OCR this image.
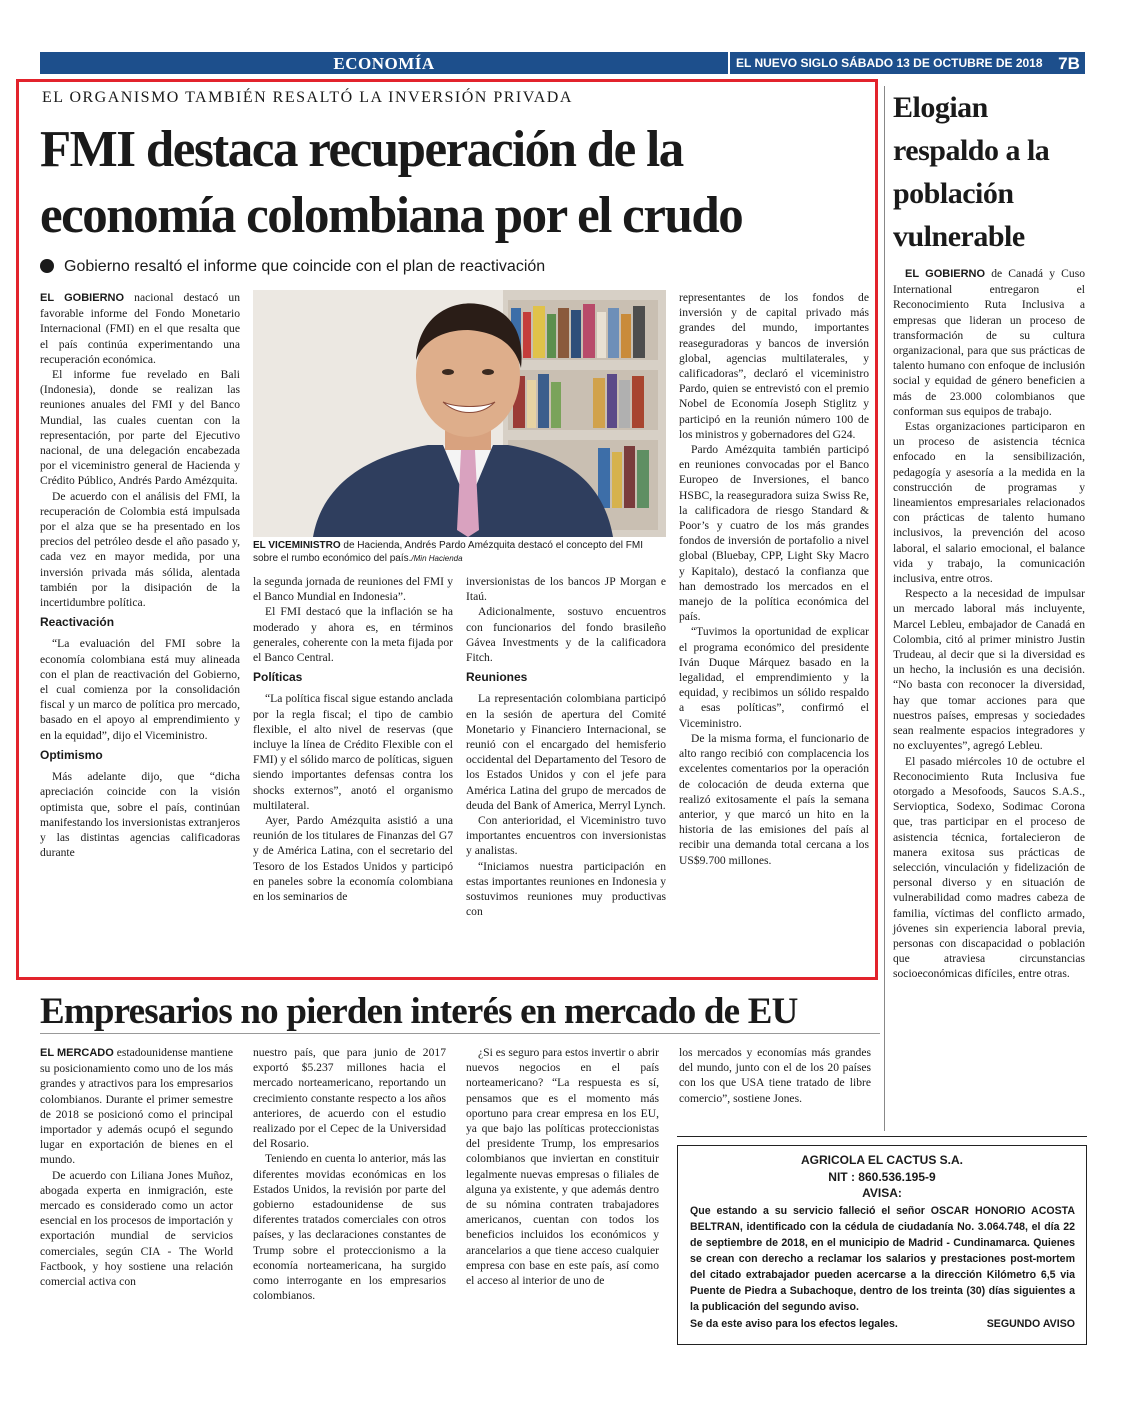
ECONOMÍA	EL NUEVO SIGLO SÁBADO 13 DE OCTUBRE DE 2018 7B
EL ORGANISMO TAMBIÉN RESALTÓ LA INVERSIÓN PRIVADA
FMI destaca recuperación de la economía colombiana por el crudo
Gobierno resaltó el informe que coincide con el plan de reactivación

EL GOBIERNO nacional destacó un favorable informe del Fondo Monetario Internacional (FMI) en el que resalta que el país continúa experimentando una recuperación económica.

El informe fue revelado en Bali (Indonesia), donde se realizan las reuniones anuales del FMI y del Banco Mundial, las cuales cuentan con la representación, por parte del Ejecutivo nacional, de una delegación encabezada por el viceministro general de Hacienda y Crédito Público, Andrés Pardo Amézquita.

De acuerdo con el análisis del FMI, la recuperación de Colombia está impulsada por el alza que se ha presentado en los precios del petróleo desde el año pasado y, cada vez en mayor medida, por una inversión privada más sólida, alentada también por la disipación de la incertidumbre política.

Reactivación

“La evaluación del FMI sobre la economía colombiana está muy alineada con el plan de reactivación del Gobierno, el cual comienza por la consolidación fiscal y un marco de política pro mercado, basado en el apoyo al emprendimiento y en la equidad”, dijo el Viceministro.

Optimismo

Más adelante dijo, que “dicha apreciación coincide con la visión optimista que, sobre el país, continúan manifestando los inversionistas extranjeros y las distintas agencias calificadoras durante

EL VICEMINISTRO de Hacienda, Andrés Pardo Amézquita destacó el concepto del FMI sobre el rumbo económico del país./Min Hacienda

la segunda jornada de reuniones del FMI y el Banco Mundial en Indonesia”.

El FMI destacó que la inflación se ha moderado y ahora es, en términos generales, coherente con la meta fijada por el Banco Central.

Políticas

“La política fiscal sigue estando anclada por la regla fiscal; el tipo de cambio flexible, el alto nivel de reservas (que incluye la línea de Crédito Flexible con el FMI) y el sólido marco de políticas, siguen siendo importantes defensas contra los shocks externos”, anotó el organismo multilateral.

Ayer, Pardo Amézquita asistió a una reunión de los titulares de Finanzas del G7 y de América Latina, con el secretario del Tesoro de los Estados Unidos y participó en paneles sobre la economía colombiana en los seminarios de

inversionistas de los bancos JP Morgan e Itaú.

Adicionalmente, sostuvo encuentros con funcionarios del fondo brasileño Gávea Investments y de la calificadora Fitch.

Reuniones

La representación colombiana participó en la sesión de apertura del Comité Monetario y Financiero Internacional, se reunió con el encargado del hemisferio occidental del Departamento del Tesoro de los Estados Unidos y con el jefe para América Latina del grupo de mercados de deuda del Bank of America, Merryl Lynch.

Con anterioridad, el Viceministro tuvo importantes encuentros con inversionistas y analistas.

“Iniciamos nuestra participación en estas importantes reuniones en Indonesia y sostuvimos reuniones muy productivas con

representantes de los fondos de inversión y de capital privado más grandes del mundo, importantes reaseguradoras y bancos de inversión global, agencias multilaterales, y calificadoras”, declaró el viceministro Pardo, quien se entrevistó con el premio Nobel de Economía Joseph Stiglitz y participó en la reunión número 100 de los ministros y gobernadores del G24.

Pardo Amézquita también participó en reuniones convocadas por el Banco Europeo de Inversiones, el banco HSBC, la reaseguradora suiza Swiss Re, la calificadora de riesgo Standard & Poor’s y cuatro de los más grandes fondos de inversión de portafolio a nivel global (Bluebay, CPP, Light Sky Macro y Kapitalo), destacó la confianza que han demostrado los mercados en el manejo de la política económica del país.

“Tuvimos la oportunidad de explicar el programa económico del presidente Iván Duque Márquez basado en la legalidad, el emprendimiento y la equidad, y recibimos un sólido respaldo a esas políticas”, confirmó el Viceministro.

De la misma forma, el funcionario de alto rango recibió con complacencia los excelentes comentarios por la operación de colocación de deuda externa que realizó exitosamente el país la semana anterior, y que marcó un hito en la historia de las emisiones del país al recibir una demanda total cercana a los US$9.700 millones.

Elogian respaldo a la población vulnerable

EL GOBIERNO de Canadá y Cuso International entregaron el Reconocimiento Ruta Inclusiva a empresas que lideran un proceso de transformación de su cultura organizacional, para que sus prácticas de talento humano con enfoque de inclusión social y equidad de género beneficien a más de 23.000 colombianos que conforman sus equipos de trabajo.

Estas organizaciones participaron en un proceso de asistencia técnica enfocado en la sensibilización, pedagogía y asesoría a la medida en la construcción de programas y lineamientos empresariales relacionados con prácticas de talento humano inclusivos, la prevención del acoso laboral, el salario emocional, el balance vida y trabajo, la comunicación inclusiva, entre otros.

Respecto a la necesidad de impulsar un mercado laboral más incluyente, Marcel Lebleu, embajador de Canadá en Colombia, citó al primer ministro Justin Trudeau, al decir que si la diversidad es un hecho, la inclusión es una decisión. “No basta con reconocer la diversidad, hay que tomar acciones para que nuestros países, empresas y sociedades sean realmente espacios integradores y no excluyentes”, agregó Lebleu.

El pasado miércoles 10 de octubre el Reconocimiento Ruta Inclusiva fue otorgado a Mesofoods, Saucos S.A.S., Servioptica, Sodexo, Sodimac Corona que, tras participar en el proceso de asistencia técnica, fortalecieron de manera exitosa sus prácticas de selección, vinculación y fidelización de personal diverso y en situación de vulnerabilidad como madres cabeza de familia, víctimas del conflicto armado, jóvenes sin experiencia laboral previa, personas con discapacidad o población que atraviesa circunstancias socioeconómicas difíciles, entre otras.

Empresarios no pierden interés en mercado de EU

EL MERCADO estadounidense mantiene su posicionamiento como uno de los más grandes y atractivos para los empresarios colombianos. Durante el primer semestre de 2018 se posicionó como el principal importador y además ocupó el segundo lugar en exportación de bienes en el mundo.

De acuerdo con Liliana Jones Muñoz, abogada experta en inmigración, este mercado es considerado como un actor esencial en los procesos de importación y exportación mundial de servicios comerciales, según CIA - The World Factbook, y hoy sostiene una relación comercial activa con

nuestro país, que para junio de 2017 exportó $5.237 millones hacia el mercado norteamericano, reportando un crecimiento constante respecto a los años anteriores, de acuerdo con el estudio realizado por el Cepec de la Universidad del Rosario.

Teniendo en cuenta lo anterior, más las diferentes movidas económicas en los Estados Unidos, la revisión por parte del gobierno estadounidense de sus diferentes tratados comerciales con otros países, y las declaraciones constantes de Trump sobre el proteccionismo a la economía norteamericana, ha surgido como interrogante en los empresarios colombianos.

¿Si es seguro para estos invertir o abrir nuevos negocios en el país norteamericano? “La respuesta es sí, pensamos que es el momento más oportuno para crear empresa en los EU, ya que bajo las políticas proteccionistas del presidente Trump, los empresarios colombianos que inviertan en constituir legalmente nuevas empresas o filiales de alguna ya existente, y que además dentro de su nómina contraten trabajadores americanos, cuentan con todos los beneficios incluidos los económicos y arancelarios a que tiene acceso cualquier empresa con base en este país, así como el acceso al interior de uno de

los mercados y economías más grandes del mundo, junto con el de los 20 países con los que USA tiene tratado de libre comercio”, sostiene Jones.

AGRICOLA EL CACTUS S.A.
NIT : 860.536.195-9
AVISA:
Que estando a su servicio falleció el señor OSCAR HONORIO ACOSTA BELTRAN, identificado con la cédula de ciudadanía No. 3.064.748, el día 22 de septiembre de 2018, en el municipio de Madrid - Cundinamarca. Quienes se crean con derecho a reclamar los salarios y prestaciones post-mortem del citado extrabajador pueden acercarse a la dirección Kilómetro 6,5 via Puente de Piedra a Subachoque, dentro de los treinta (30) días siguientes a la publicación del segundo aviso.
Se da este aviso para los efectos legales.	SEGUNDO AVISO
